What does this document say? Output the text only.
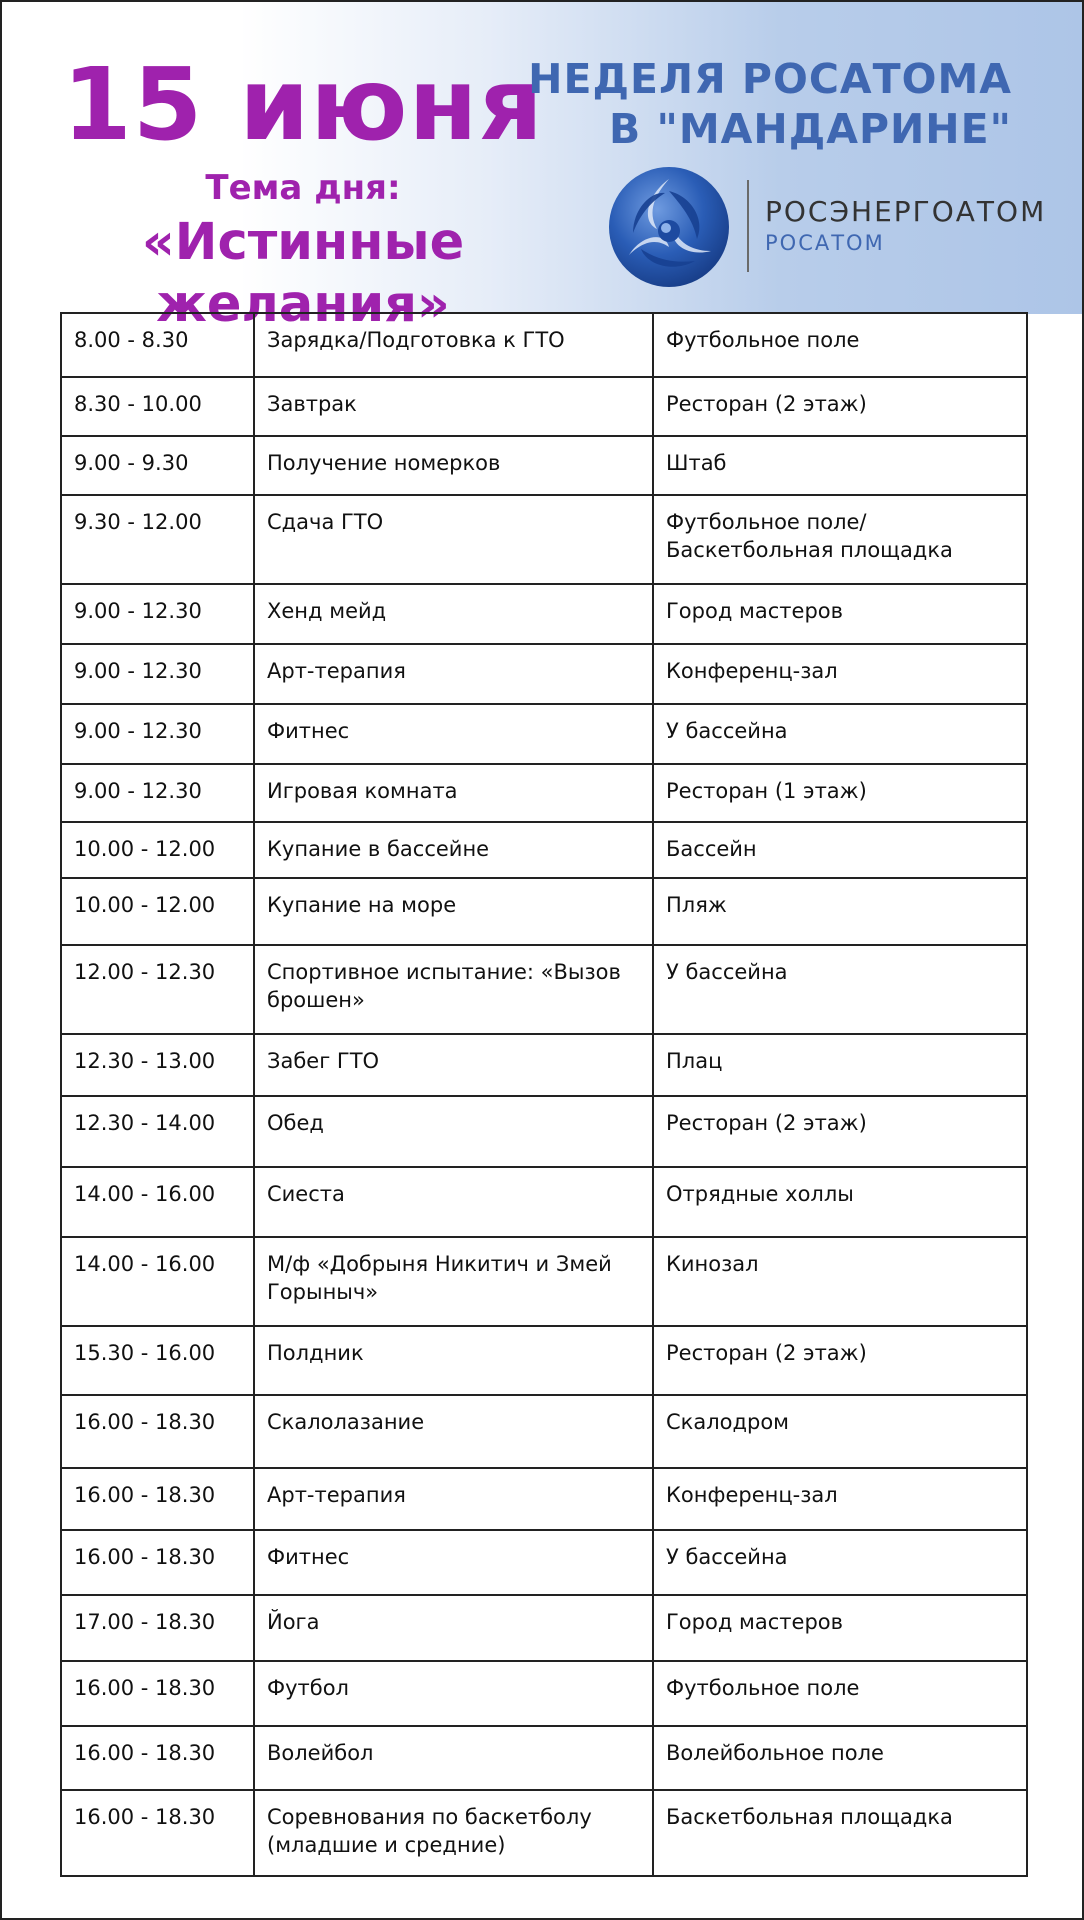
15 июня
Тема дня:
«Истинные желания»
НЕДЕЛЯ РОСАТОМА
В "МАНДАРИНЕ"
РОСЭНЕРГОАТОМ
РОСАТОМ
8.00 - 8.30	Зарядка/Подготовка к ГТО	Футбольное поле
8.30 - 10.00	Завтрак	Ресторан (2 этаж)
9.00 - 9.30	Получение номерков	Штаб
9.30 - 12.00	Сдача ГТО	Футбольное поле/Баскетбольная площадка
9.00 - 12.30	Хенд мейд	Город мастеров
9.00 - 12.30	Арт-терапия	Конференц-зал
9.00 - 12.30	Фитнес	У бассейна
9.00 - 12.30	Игровая комната	Ресторан (1 этаж)
10.00 - 12.00	Купание в бассейне	Бассейн
10.00 - 12.00	Купание на море	Пляж
12.00 - 12.30	Спортивное испытание: «Вызов брошен»	У бассейна
12.30 - 13.00	Забег ГТО	Плац
12.30 - 14.00	Обед	Ресторан (2 этаж)
14.00 - 16.00	Сиеста	Отрядные холлы
14.00 - 16.00	М/ф «Добрыня Никитич и Змей Горыныч»	Кинозал
15.30 - 16.00	Полдник	Ресторан (2 этаж)
16.00 - 18.30	Скалолазание	Скалодром
16.00 - 18.30	Арт-терапия	Конференц-зал
16.00 - 18.30	Фитнес	У бассейна
17.00 - 18.30	Йога	Город мастеров
16.00 - 18.30	Футбол	Футбольное поле
16.00 - 18.30	Волейбол	Волейбольное поле
16.00 - 18.30	Соревнования по баскетболу (младшие и средние)	Баскетбольная площадка
